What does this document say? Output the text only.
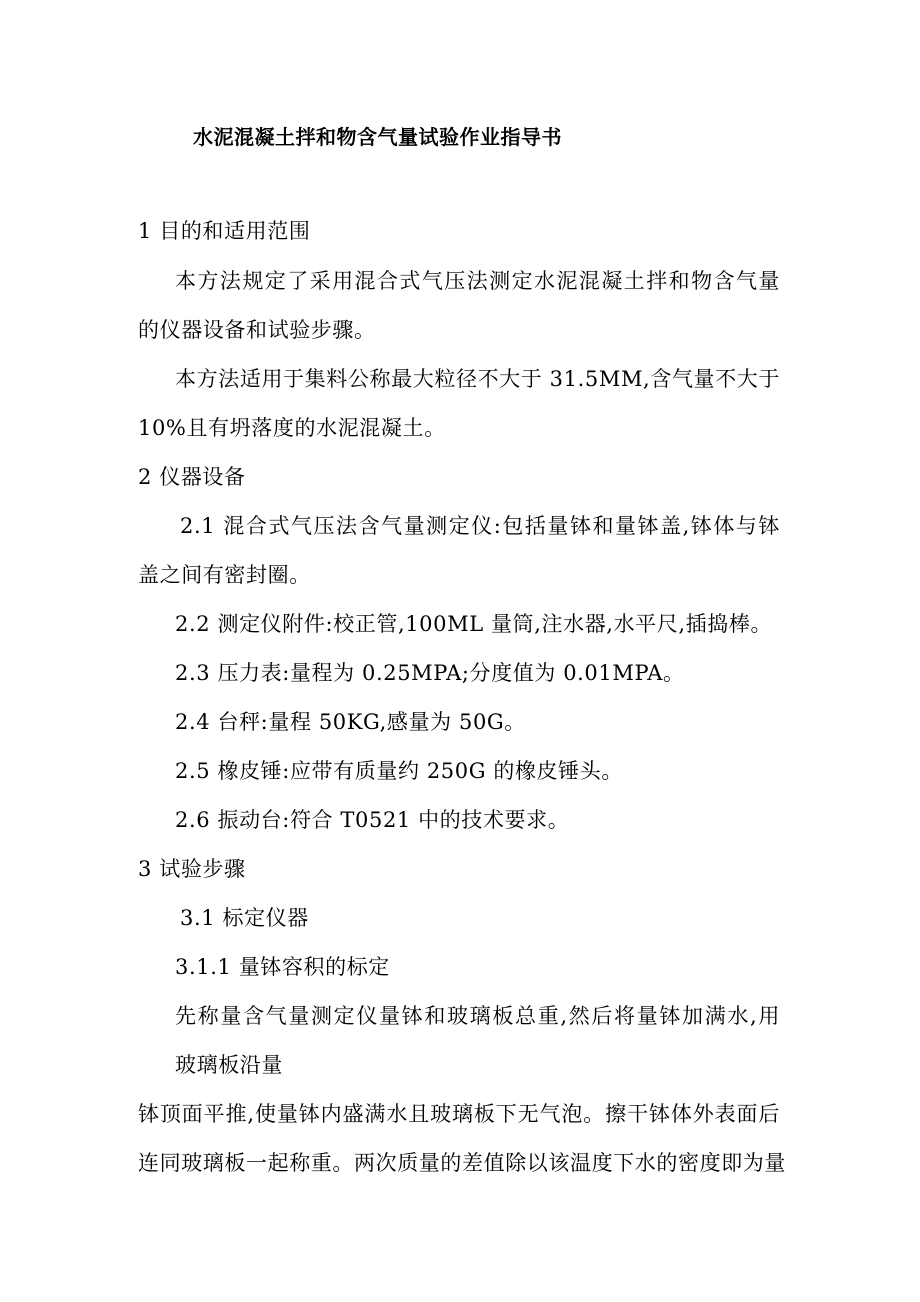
水泥混凝土拌和物含气量试验作业指导书
1 目的和适用范围
本方法规定了采用混合式气压法测定水泥混凝土拌和物含气量
的仪器设备和试验步骤。
本方法适用于集料公称最大粒径不大于 31.5MM,含气量不大于
10%且有坍落度的水泥混凝土。
2 仪器设备
2.1 混合式气压法含气量测定仪:包括量钵和量钵盖,钵体与钵
盖之间有密封圈。
2.2 测定仪附件:校正管,100ML 量筒,注水器,水平尺,插捣棒。
2.3 压力表:量程为 0.25MPA;分度值为 0.01MPA。
2.4 台秤:量程 50KG,感量为 50G。
2.5 橡皮锤:应带有质量约 250G 的橡皮锤头。
2.6 振动台:符合 T0521 中的技术要求。
3 试验步骤
3.1 标定仪器
3.1.1 量钵容积的标定
先称量含气量测定仪量钵和玻璃板总重,然后将量钵加满水,用
玻璃板沿量
钵顶面平推,使量钵内盛满水且玻璃板下无气泡。擦干钵体外表面后
连同玻璃板一起称重。两次质量的差值除以该温度下水的密度即为量
